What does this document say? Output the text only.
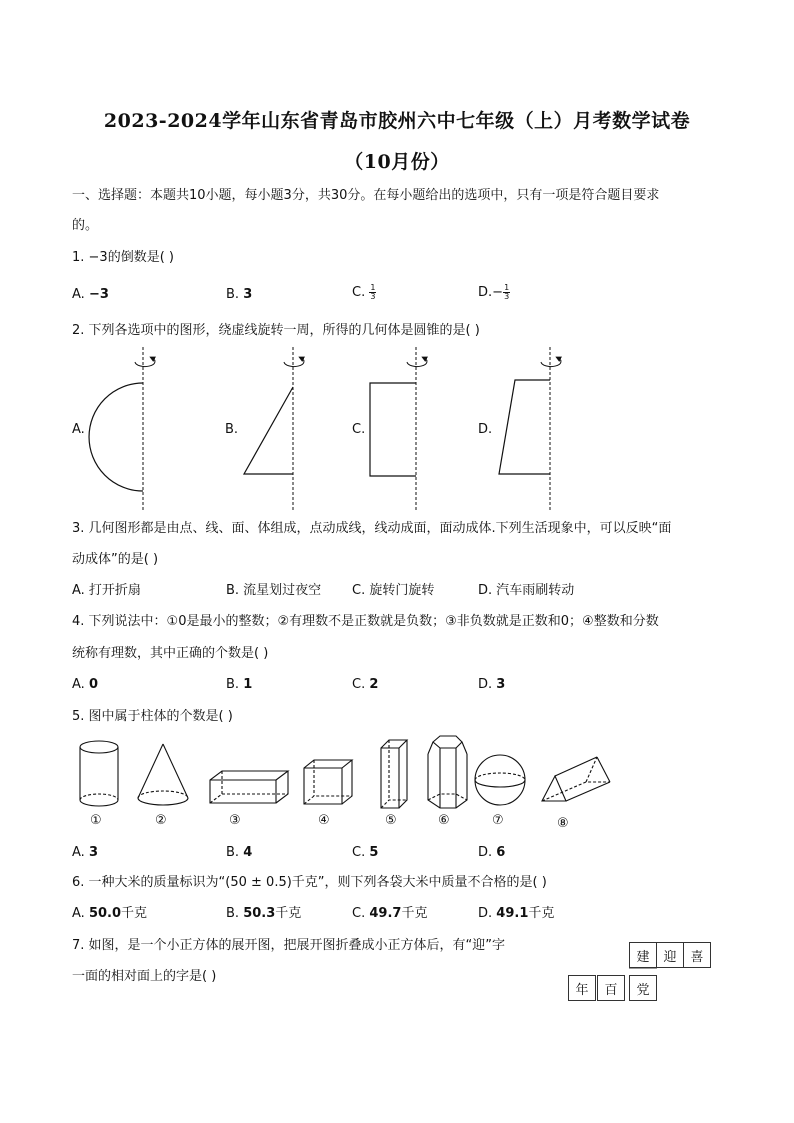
2023-2024学年山东省青岛市胶州六中七年级（上）月考数学试卷
（10月份）
一、选择题：本题共10小题，每小题3分，共30分。在每小题给出的选项中，只有一项是符合题目要求
的。
1. −3的倒数是( )
A. −3	B. 3	C. $\frac{1}{3}$	$D.- \frac{1}{3}$
2. 下列各选项中的图形，绕虚线旋转一周，所得的几何体是圆锥的是( )
A.	B.	C.	D.
3. 几何图形都是由点、线、面、体组成，点动成线，线动成面，面动成体.下列生活现象中，可以反映“面
动成体”的是( )
A. 打开折扇	B. 流星划过夜空 C. 旋转门旋转	D. 汽车雨刷转动
4. 下列说法中：①0是最小的整数；②有理数不是正数就是负数；③非负数就是正数和0；④整数和分数
统称有理数，其中正确的个数是( )
A. 0	B. 1	C. 2	D. 3
5. 图中属于柱体的个数是( )
①	②	③	④	⑤	⑥	⑦	⑧
A. 3	B. 4	C. 5	D. 6
6. 一种大米的质量标识为“(50 ± 0.5)千克”，则下列各袋大米中质量不合格的是( )
A. 50.0千克	B. 50.3千克	C. 49.7千克	D. 49.1千克
7. 如图，是一个小正方体的展开图，把展开图折叠成小正方体后，有“迎”字
一面的相对面上的字是( )
建	迎	喜
年	百	党
